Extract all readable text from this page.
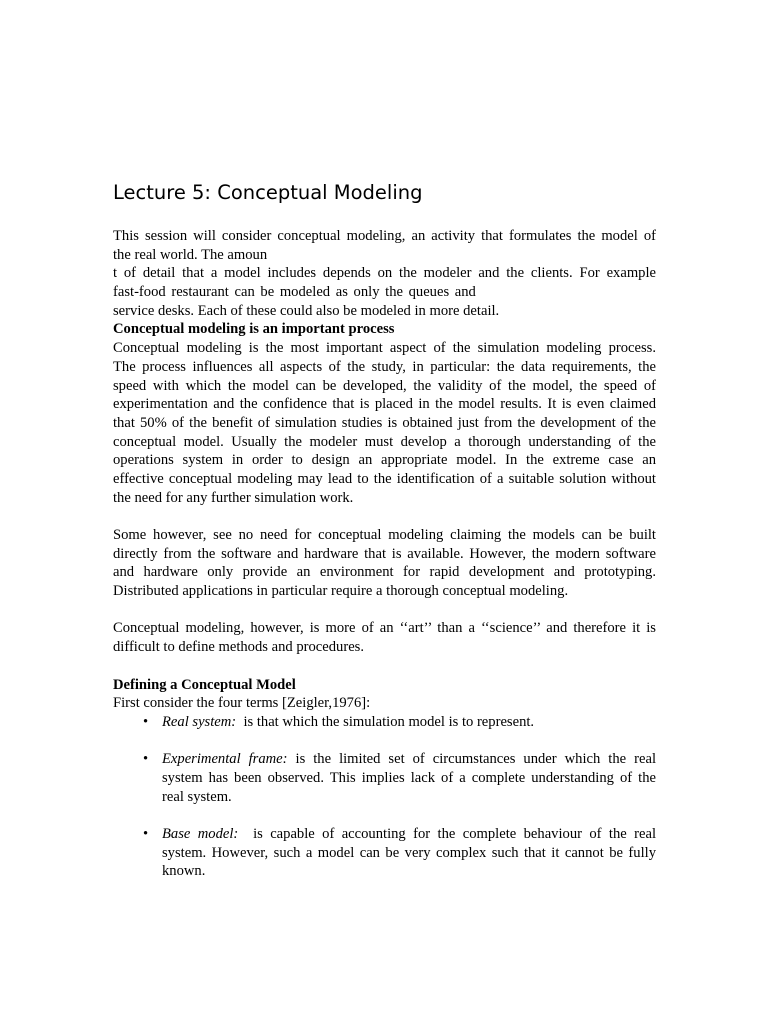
Lecture 5: Conceptual Modeling
This session will consider conceptual modeling, an activity that formulates the model of
the real world. The amoun
t of detail that a model includes depends on the modeler and the clients. For example
fast-food restaurant can be modeled as only the queues and
service desks. Each of these could also be modeled in more detail.
Conceptual modeling is an important process
Conceptual modeling is the most important aspect of the simulation modeling process.
The process influences all aspects of the study, in particular: the data requirements, the
speed with which the model can be developed, the validity of the model, the speed of
experimentation and the confidence that is placed in the model results. It is even claimed
that 50% of the benefit of simulation studies is obtained just from the development of the
conceptual model. Usually the modeler must develop a thorough understanding of the
operations system in order to design an appropriate model. In the extreme case an
effective conceptual modeling may lead to the identification of a suitable solution without
the need for any further simulation work.
Some however, see no need for conceptual modeling claiming the models can be built
directly from the software and hardware that is available. However, the modern software
and hardware only provide an environment for rapid development and prototyping.
Distributed applications in particular require a thorough conceptual modeling.
Conceptual modeling, however, is more of an ‘‘art’’ than a ‘‘science’’ and therefore it is
difficult to define methods and procedures.
Defining a Conceptual Model
First consider the four terms [Zeigler,1976]:
• Real system:  is that which the simulation model is to represent.
• Experimental frame: is the limited set of circumstances under which the real
system has been observed. This implies lack of a complete understanding of the
real system.
• Base model:  is capable of accounting for the complete behaviour of the real
system. However, such a model can be very complex such that it cannot be fully
known.
